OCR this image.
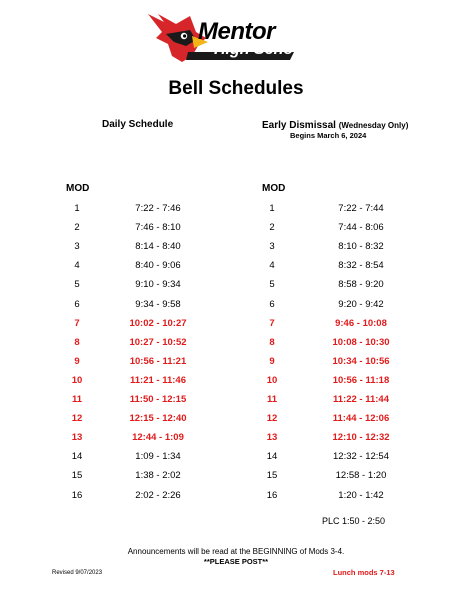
Mentor
High School
Bell Schedules
Daily Schedule	Early Dismissal (Wednesday Only)
Begins March 6, 2024
MOD	MOD
1	7:22 - 7:46
2	7:46 - 8:10
3	8:14 - 8:40
4	8:40 - 9:06
5	9:10 - 9:34
6	9:34 - 9:58
7	10:02 - 10:27
8	10:27 - 10:52
9	10:56 - 11:21
10	11:21 - 11:46
11	11:50 - 12:15
12	12:15 - 12:40
13	12:44 - 1:09
14	1:09 - 1:34
15	1:38 - 2:02
16	2:02 - 2:26
1	7:22 - 7:44
2	7:44 - 8:06
3	8:10 - 8:32
4	8:32 - 8:54
5	8:58 - 9:20
6	9:20 - 9:42
7	9:46 - 10:08
8	10:08 - 10:30
9	10:34 - 10:56
10	10:56 - 11:18
11	11:22 - 11:44
12	11:44 - 12:06
13	12:10 - 12:32
14	12:32 - 12:54
15	12:58 - 1:20
16	1:20 - 1:42
PLC 1:50 - 2:50
Announcements will be read at the BEGINNING of Mods 3-4.
**PLEASE POST**
Revised 9/07/2023	Lunch mods 7-13
